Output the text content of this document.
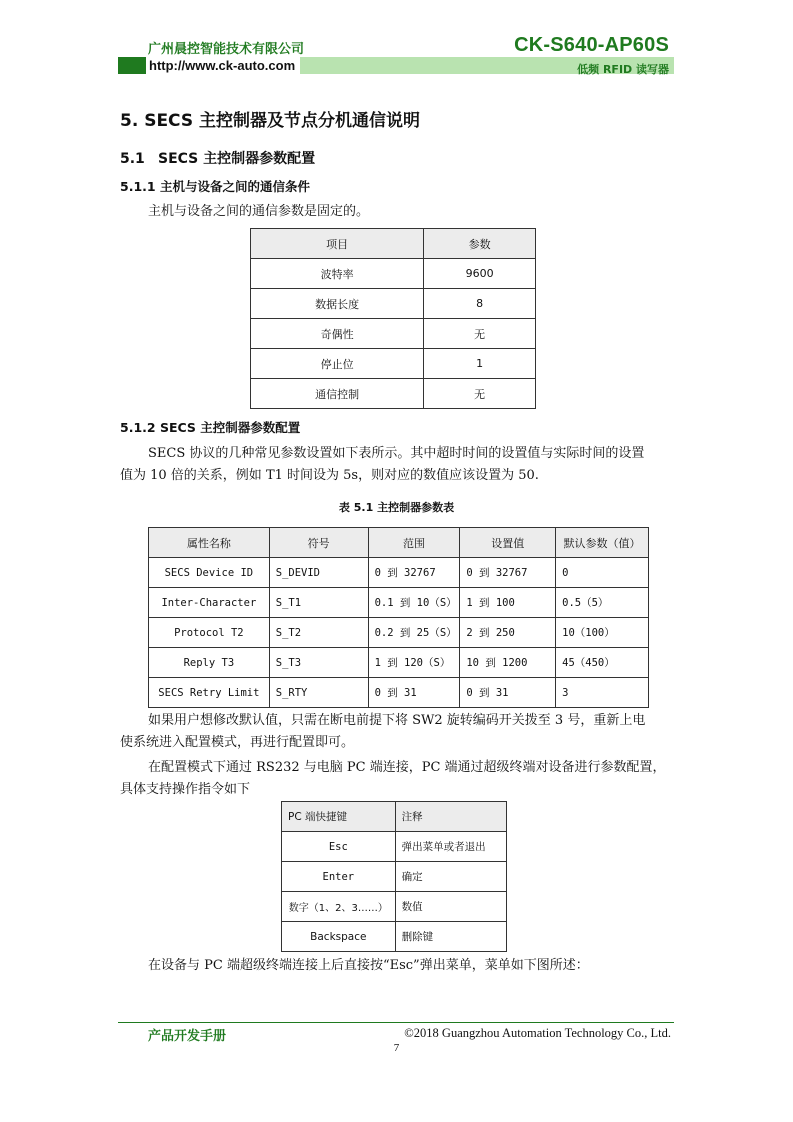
广州晨控智能技术有限公司	CK-S640-AP60S
http://www.ck-auto.com	低频 RFID 读写器
5. SECS 主控制器及节点分机通信说明
5.1 SECS 主控制器参数配置
5.1.1 主机与设备之间的通信条件
主机与设备之间的通信参数是固定的。
项目	参数
波特率	9600
数据长度	8
奇偶性	无
停止位	1
通信控制	无
5.1.2 SECS 主控制器参数配置
SECS 协议的几种常见参数设置如下表所示。其中超时时间的设置值与实际时间的设置
值为 10 倍的关系，例如 T1 时间设为 5s，则对应的数值应该设置为 50.
表 5.1 主控制器参数表
属性名称	符号	范围	设置值	默认参数（值）
SECS Device ID	S_DEVID	0 到 32767	0 到 32767	0
Inter-Character	S_T1	0.1 到 10（S）	1 到 100	0.5（5）
Protocol T2	S_T2	0.2 到 25（S）	2 到 250	10（100）
Reply T3	S_T3	1 到 120（S）	10 到 1200	45（450）
SECS Retry Limit	S_RTY	0 到 31	0 到 31	3
如果用户想修改默认值，只需在断电前提下将 SW2 旋转编码开关拨至 3 号，重新上电
使系统进入配置模式，再进行配置即可。
在配置模式下通过 RS232 与电脑 PC 端连接，PC 端通过超级终端对设备进行参数配置，
具体支持操作指令如下
PC 端快捷键	注释
Esc	弹出菜单或者退出
Enter	确定
数字（1、2、3……）	数值
Backspace	删除键
在设备与 PC 端超级终端连接上后直接按“Esc”弹出菜单，菜单如下图所述：
产品开发手册	©2018 Guangzhou Automation Technology Co., Ltd.
7
